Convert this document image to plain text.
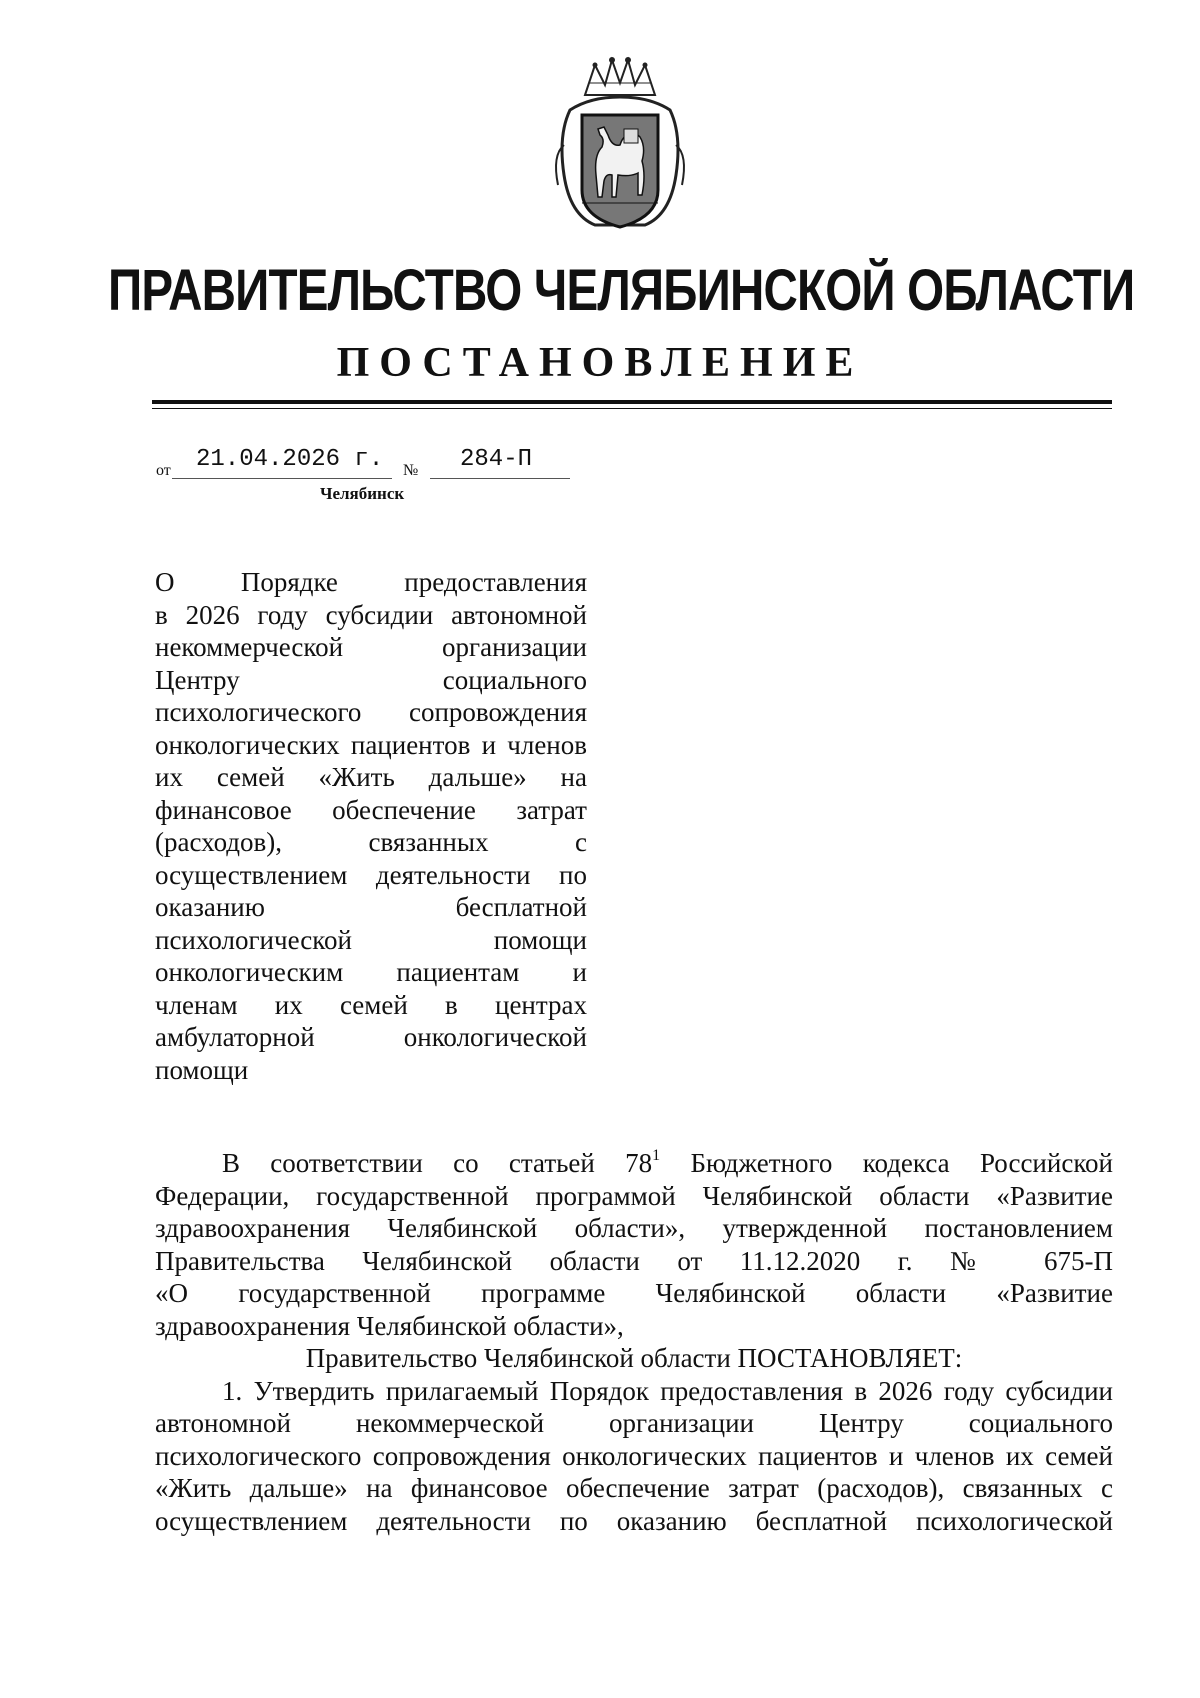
ПРАВИТЕЛЬСТВО ЧЕЛЯБИНСКОЙ ОБЛАСТИ
ПОСТАНОВЛЕНИЕ
от 21.04.2026 г. № 284-П
Челябинск
О Порядке предоставления
в 2026 году субсидии автономной
некоммерческой организации
Центру социального
психологического сопровождения
онкологических пациентов и членов
их семей «Жить дальше» на
финансовое обеспечение затрат
(расходов), связанных с
осуществлением деятельности по
оказанию бесплатной
психологической помощи
онкологическим пациентам и
членам их семей в центрах
амбулаторной онкологической
помощи
В соответствии со статьей $78^1$ Бюджетного кодекса Российской
Федерации, государственной программой Челябинской области «Развитие
здравоохранения Челябинской области», утвержденной постановлением
Правительства Челябинской области от 11.12.2020 г. № 675-П
«О государственной программе Челябинской области «Развитие
здравоохранения Челябинской области»,
Правительство Челябинской области ПОСТАНОВЛЯЕТ:
1. Утвердить прилагаемый Порядок предоставления в 2026 году субсидии
автономной некоммерческой организации Центру социального
психологического сопровождения онкологических пациентов и членов их семей
«Жить дальше» на финансовое обеспечение затрат (расходов), связанных с
осуществлением деятельности по оказанию бесплатной психологической
